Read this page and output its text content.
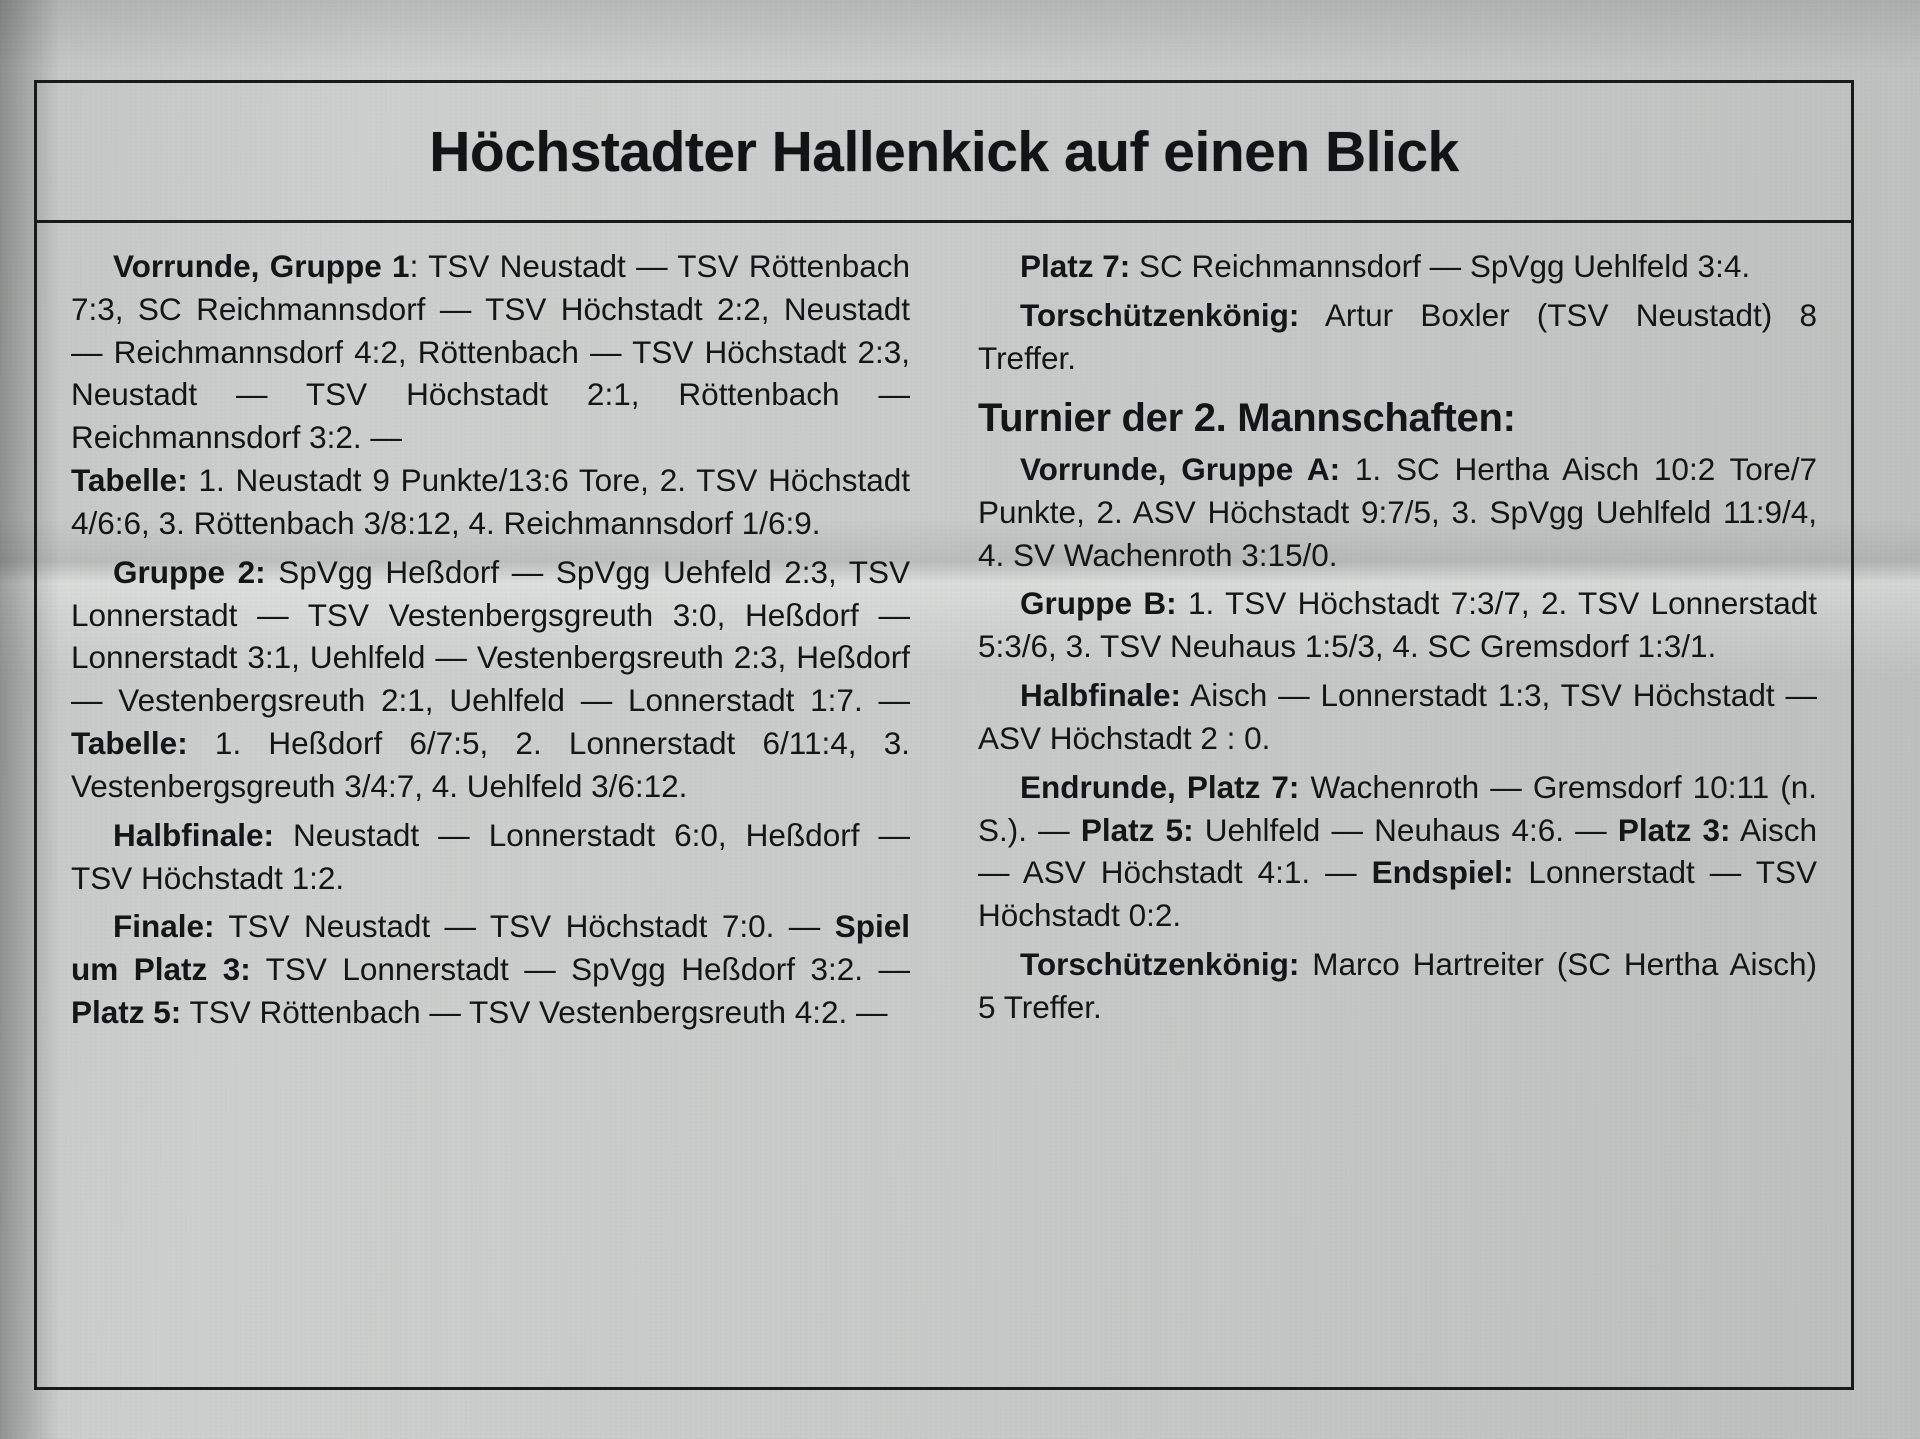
Höchstadter Hallenkick auf einen Blick

Vorrunde, Gruppe 1: TSV Neustadt — TSV Röttenbach 7:3, SC Reichmannsdorf — TSV Höchstadt 2:2, Neustadt — Reichmannsdorf 4:2, Röttenbach — TSV Höchstadt 2:3, Neustadt — TSV Höchstadt 2:1, Röttenbach — Reichmannsdorf 3:2. —

Tabelle: 1. Neustadt 9 Punkte/13:6 Tore, 2. TSV Höchstadt 4/6:6, 3. Röttenbach 3/8:12, 4. Reichmannsdorf 1/6:9.

Gruppe 2: SpVgg Heßdorf — SpVgg Uehfeld 2:3, TSV Lonnerstadt — TSV Vestenbergsgreuth 3:0, Heßdorf — Lonnerstadt 3:1, Uehlfeld — Vestenbergsreuth 2:3, Heßdorf — Vestenbergsreuth 2:1, Uehlfeld — Lonnerstadt 1:7. — Tabelle: 1. Heßdorf 6/7:5, 2. Lonnerstadt 6/11:4, 3. Vestenbergsgreuth 3/4:7, 4. Uehlfeld 3/6:12.

Halbfinale: Neustadt — Lonnerstadt 6:0, Heßdorf — TSV Höchstadt 1:2.

Finale: TSV Neustadt — TSV Höchstadt 7:0. — Spiel um Platz 3: TSV Lonnerstadt — SpVgg Heßdorf 3:2. — Platz 5: TSV Röttenbach — TSV Vestenbergsreuth 4:2. —

Platz 7: SC Reichmannsdorf — SpVgg Uehlfeld 3:4.

Torschützenkönig: Artur Boxler (TSV Neustadt) 8 Treffer.

Turnier der 2. Mannschaften:

Vorrunde, Gruppe A: 1. SC Hertha Aisch 10:2 Tore/7 Punkte, 2. ASV Höchstadt 9:7/5, 3. SpVgg Uehlfeld 11:9/4, 4. SV Wachenroth 3:15/0.

Gruppe B: 1. TSV Höchstadt 7:3/7, 2. TSV Lonnerstadt 5:3/6, 3. TSV Neuhaus 1:5/3, 4. SC Gremsdorf 1:3/1.

Halbfinale: Aisch — Lonnerstadt 1:3, TSV Höchstadt — ASV Höchstadt 2 : 0.

Endrunde, Platz 7: Wachenroth — Gremsdorf 10:11 (n. S.). — Platz 5: Uehlfeld — Neuhaus 4:6. — Platz 3: Aisch — ASV Höchstadt 4:1. — Endspiel: Lonnerstadt — TSV Höchstadt 0:2.

Torschützenkönig: Marco Hartreiter (SC Hertha Aisch) 5 Treffer.
